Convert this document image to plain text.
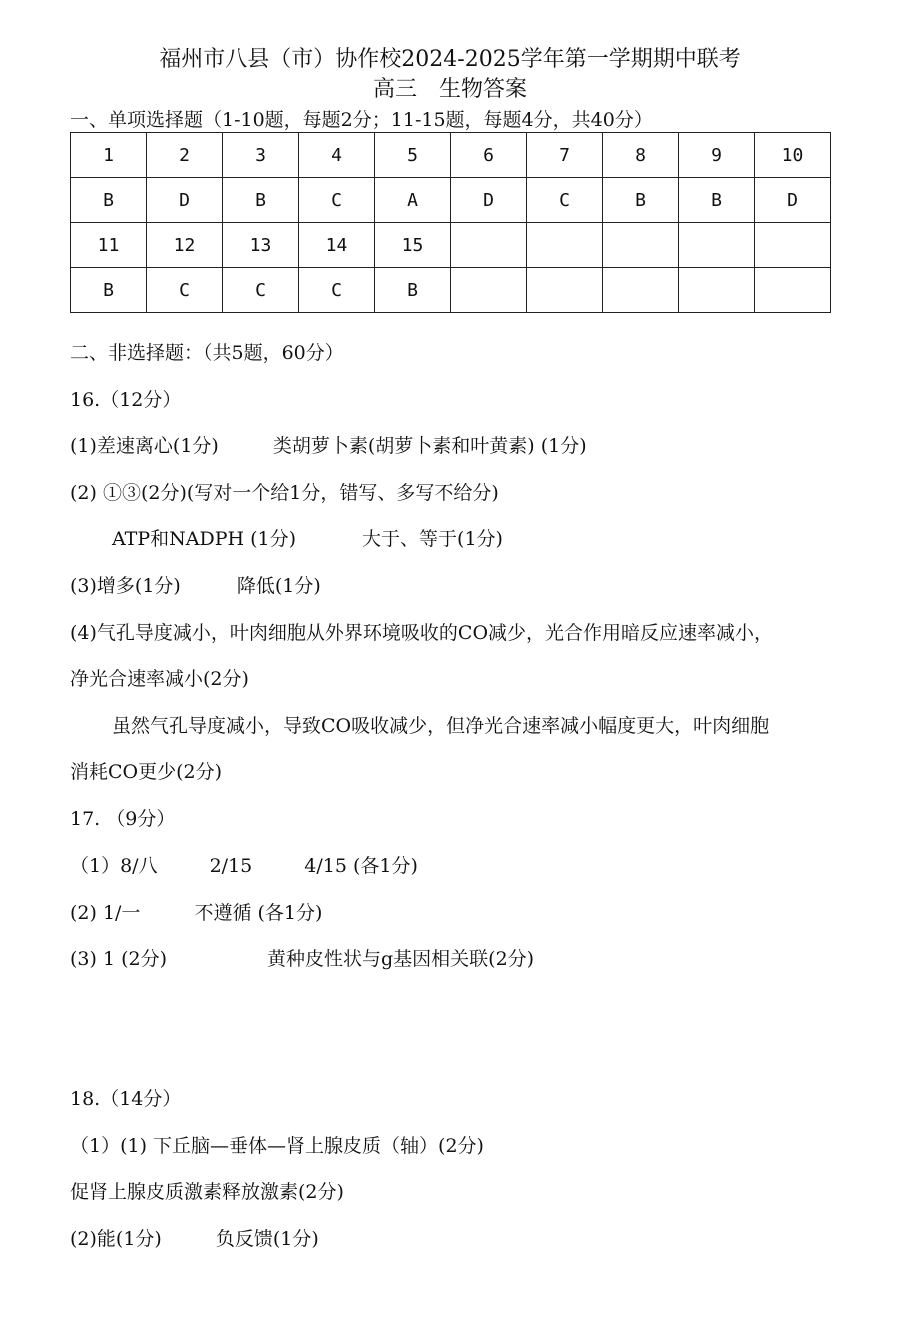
福州市八县（市）协作校2024-2025学年第一学期期中联考
高三　生物答案
一、单项选择题（1-10题，每题2分；11-15题，每题4分，共40分）
1	2	3	4	5	6	7	8	9	10
B	D	B	C	A	D	C	B	B	D
11	12	13	14	15					
B	C	C	C	B					
二、非选择题：（共5题，60分）
16.（12分）
(1)差速离心(1分)	类胡萝卜素(胡萝卜素和叶黄素) (1分)
(2) ①③(2分)(写对一个给1分，错写、多写不给分)
ATP和NADPH (1分)	大于、等于(1分)
(3)增多(1分)	降低(1分)
(4)气孔导度减小，叶肉细胞从外界环境吸收的CO减少，光合作用暗反应速率减小，
净光合速率减小(2分)
虽然气孔导度减小，导致CO吸收减少，但净光合速率减小幅度更大，叶肉细胞
消耗CO更少(2分)
17. （9分）
（1）8/八	2/15	4/15 (各1分)
(2) 1/一	不遵循 (各1分)
(3) 1 (2分)	黄种皮性状与g基因相关联(2分)
18.（14分）
（1）(1) 下丘脑—垂体—肾上腺皮质（轴）(2分)
促肾上腺皮质激素释放激素(2分)
(2)能(1分)	负反馈(1分)
